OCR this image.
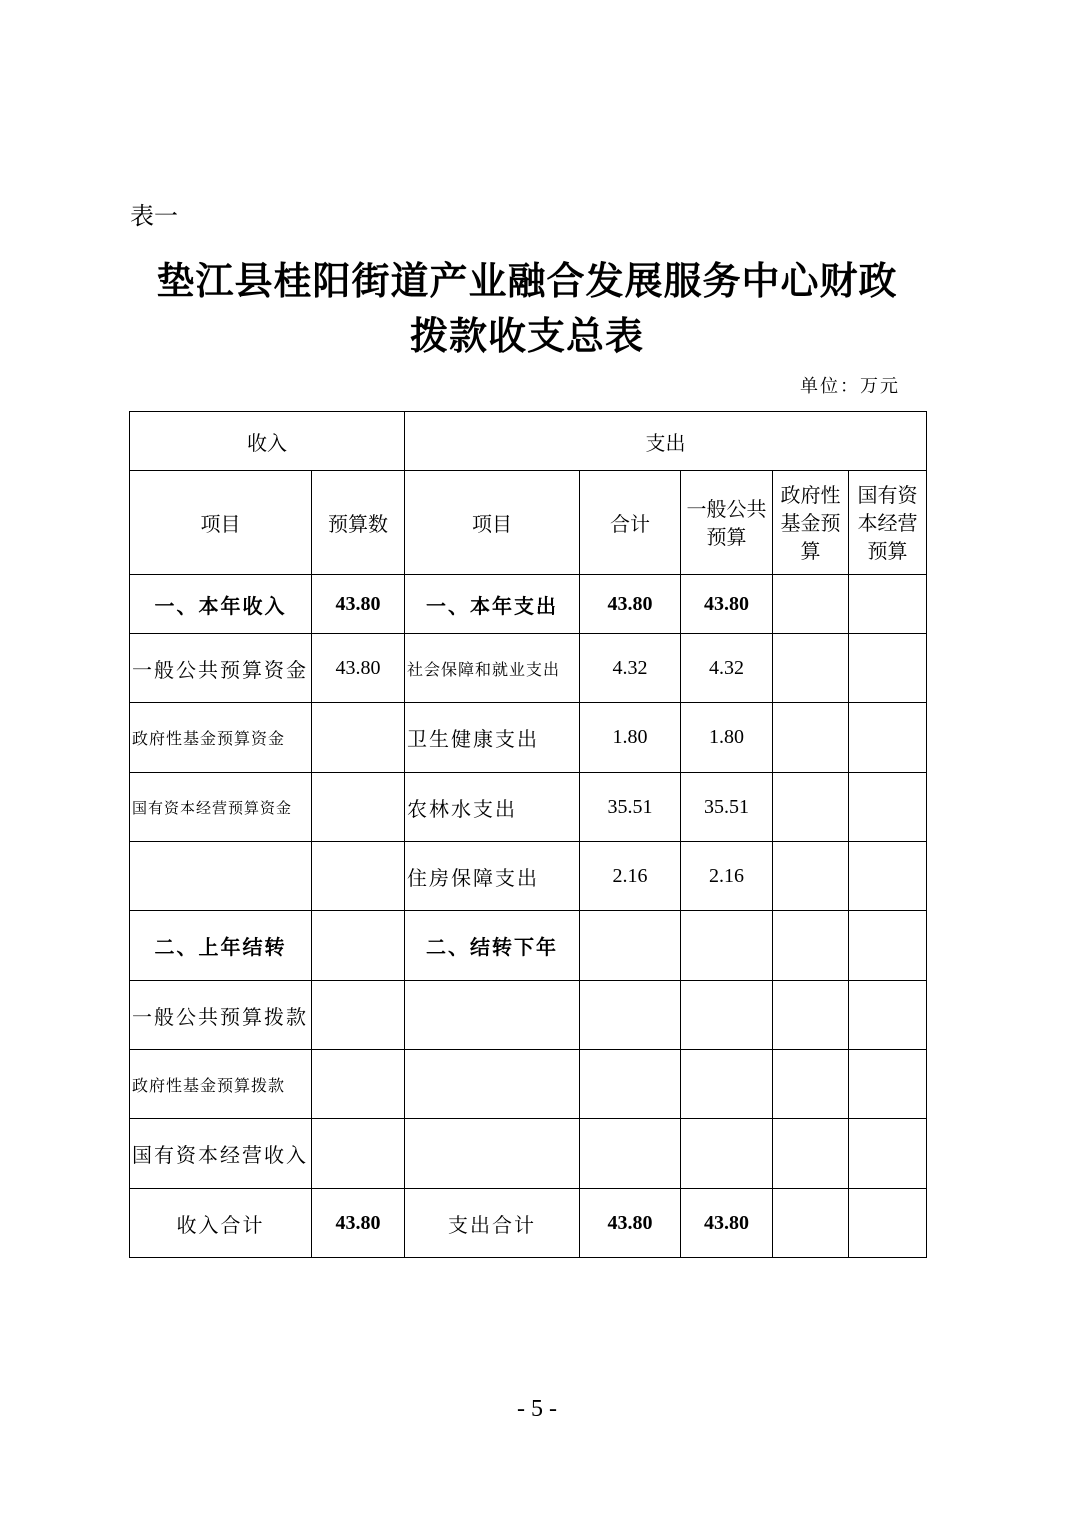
表一
垫江县桂阳街道产业融合发展服务中心财政
拨款收支总表
单位：万元
收入		支出				
项目	预算数	项目	合计	一般公共预算	政府性基金预算	国有资本经营预算
一、本年收入	43.80	一、本年支出	43.80	43.80		
一般公共预算资金	43.80	社会保障和就业支出	4.32	4.32		
政府性基金预算资金		卫生健康支出	1.80	1.80		
国有资本经营预算资金		农林水支出	35.51	35.51		
		住房保障支出	2.16	2.16		
二、上年结转		二、结转下年				
一般公共预算拨款						
政府性基金预算拨款						
国有资本经营收入						
收入合计	43.80	支出合计	43.80	43.80		
- 5 -
